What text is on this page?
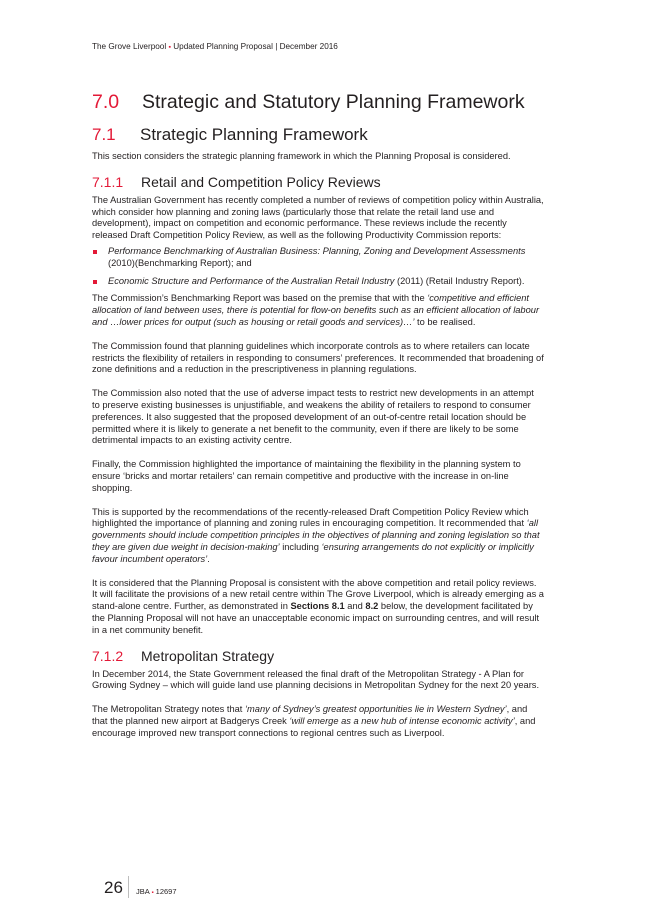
The Grove Liverpool ▪ Updated Planning Proposal | December 2016
7.0 Strategic and Statutory Planning Framework
7.1 Strategic Planning Framework

This section considers the strategic planning framework in which the Planning Proposal is considered.

7.1.1 Retail and Competition Policy Reviews

The Australian Government has recently completed a number of reviews of competition policy within Australia, which consider how planning and zoning laws (particularly those that relate the retail land use and development), impact on competition and economic performance. These reviews include the recently released Draft Competition Policy Review, as well as the following Productivity Commission reports:

Performance Benchmarking of Australian Business: Planning, Zoning and Development Assessments (2010)(Benchmarking Report); and
Economic Structure and Performance of the Australian Retail Industry (2011) (Retail Industry Report).

The Commission’s Benchmarking Report was based on the premise that with the ‘competitive and efficient allocation of land between uses, there is potential for flow-on benefits such as an efficient allocation of labour and …lower prices for output (such as housing or retail goods and services)…’ to be realised.

The Commission found that planning guidelines which incorporate controls as to where retailers can locate restricts the flexibility of retailers in responding to consumers’ preferences. It recommended that broadening of zone definitions and a reduction in the prescriptiveness in planning regulations.

The Commission also noted that the use of adverse impact tests to restrict new developments in an attempt to preserve existing businesses is unjustifiable, and weakens the ability of retailers to respond to consumer preferences. It also suggested that the proposed development of an out-of-centre retail location should be permitted where it is likely to generate a net benefit to the community, even if there are likely to be some detrimental impacts to an existing activity centre.

Finally, the Commission highlighted the importance of maintaining the flexibility in the planning system to ensure ‘bricks and mortar retailers’ can remain competitive and productive with the increase in on-line shopping.

This is supported by the recommendations of the recently-released Draft Competition Policy Review which highlighted the importance of planning and zoning rules in encouraging competition. It recommended that ‘all governments should include competition principles in the objectives of planning and zoning legislation so that they are given due weight in decision-making’ including ‘ensuring arrangements do not explicitly or implicitly favour incumbent operators’.

It is considered that the Planning Proposal is consistent with the above competition and retail policy reviews. It will facilitate the provisions of a new retail centre within The Grove Liverpool, which is already emerging as a stand-alone centre. Further, as demonstrated in Sections 8.1 and 8.2 below, the development facilitated by the Planning Proposal will not have an unacceptable economic impact on surrounding centres, and will result in a net community benefit.

7.1.2 Metropolitan Strategy

In December 2014, the State Government released the final draft of the Metropolitan Strategy - A Plan for Growing Sydney – which will guide land use planning decisions in Metropolitan Sydney for the next 20 years.

The Metropolitan Strategy notes that ‘many of Sydney’s greatest opportunities lie in Western Sydney’, and that the planned new airport at Badgerys Creek ‘will emerge as a new hub of intense economic activity’, and encourage improved new transport connections to regional centres such as Liverpool.

26 JBA ▪ 12697
